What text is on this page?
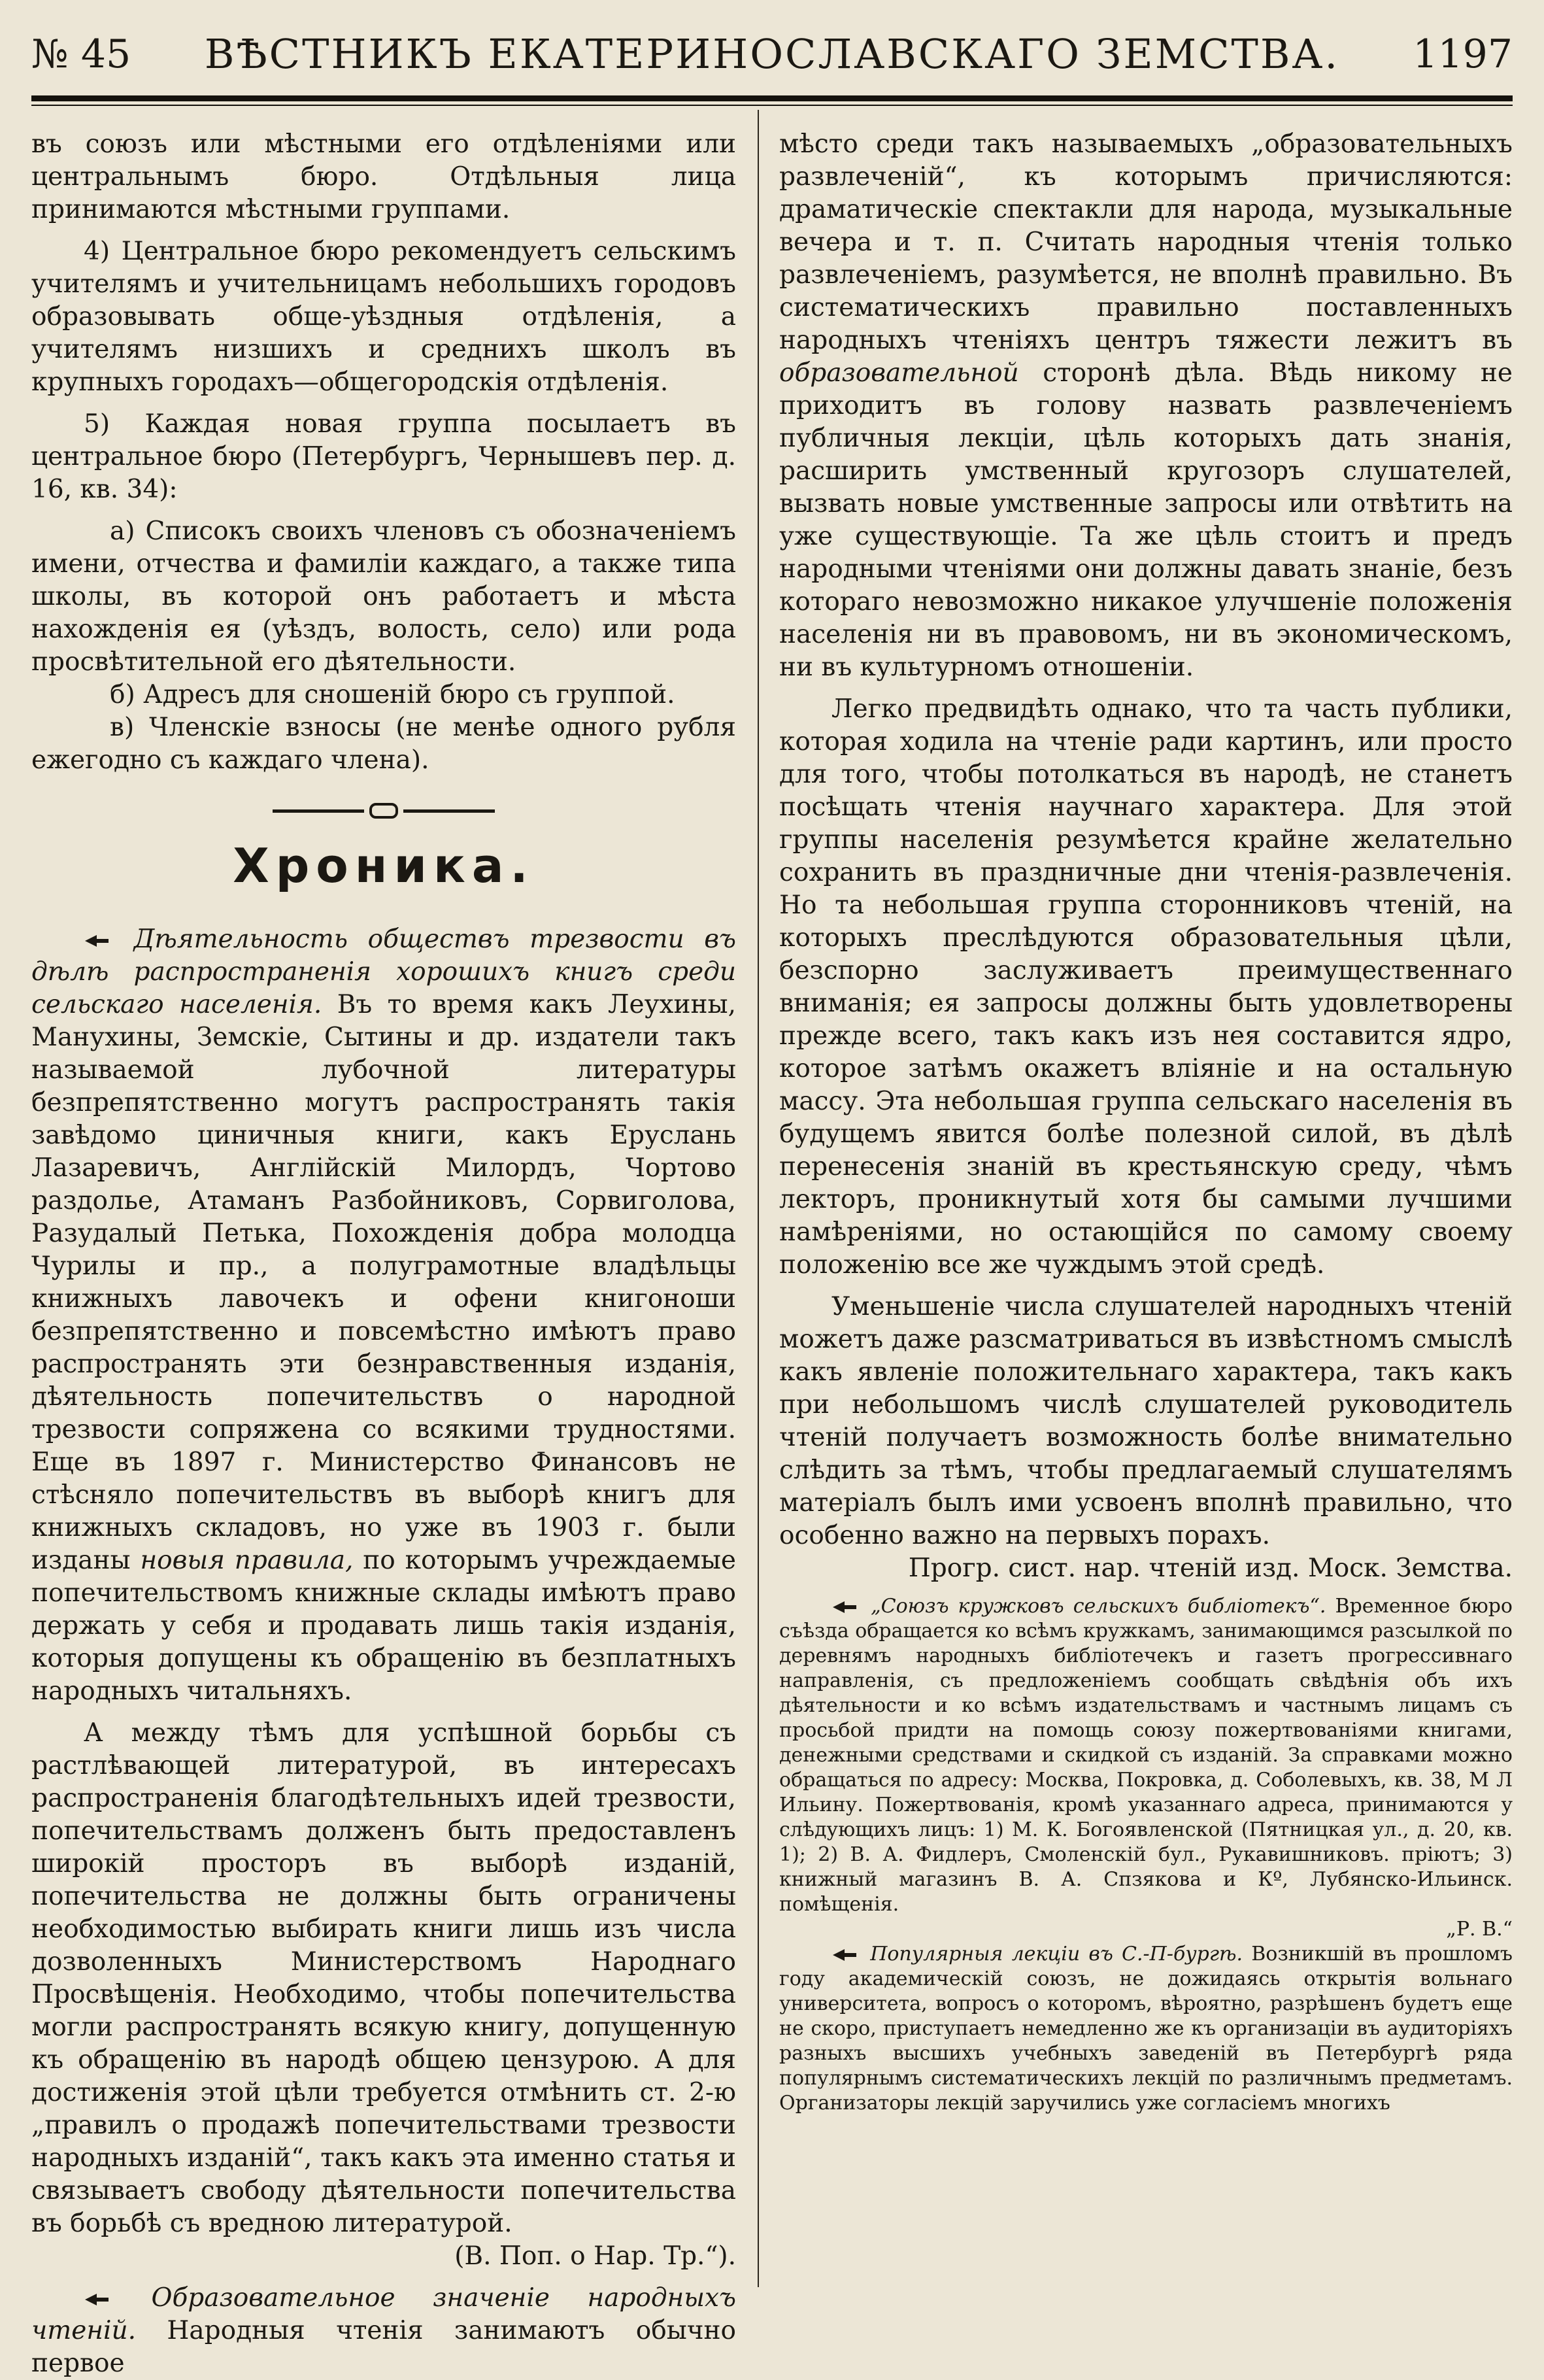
№ 45	ВѢСТНИКЪ ЕКАТЕРИНОСЛАВСКАГО ЗЕМСТВА.	1197

въ союзъ или мѣстными его отдѣленіями или центральнымъ бюро. Отдѣльныя лица принимаются мѣстными группами.

4) Центральное бюро рекомендуетъ сельскимъ учителямъ и учительницамъ небольшихъ городовъ образовывать обще-уѣздныя отдѣленія, а учителямъ низшихъ и среднихъ школъ въ крупныхъ городахъ—общегородскія отдѣленія.

5) Каждая новая группа посылаетъ въ центральное бюро (Петербургъ, Чернышевъ пер. д. 16, кв. 34):

а) Списокъ своихъ членовъ съ обозначеніемъ имени, отчества и фамиліи каждаго, а также типа школы, въ которой онъ работаетъ и мѣста нахожденія ея (уѣздъ, волость, село) или рода просвѣтительной его дѣятельности.

б) Адресъ для сношеній бюро съ группой.

в) Членскіе взносы (не менѣе одного рубля ежегодно съ каждаго члена).

Хроника.

Дѣятельность обществъ трезвости въ дѣлѣ распространенія хорошихъ книгъ среди сельскаго населенія. Въ то время какъ Леухины, Манухины, Земскіе, Сытины и др. издатели такъ называемой лубочной литературы безпрепятственно могутъ распространять такія завѣдомо циничныя книги, какъ Еруслань Лазаревичъ, Англійскій Милордъ, Чортово раздолье, Атаманъ Разбойниковъ, Сорвиголова, Разудалый Петька, Похожденія добра молодца Чурилы и пр., а полуграмотные владѣльцы книжныхъ лавочекъ и офени книгоноши безпрепятственно и повсемѣстно имѣютъ право распространять эти безнравственныя изданія, дѣятельность попечительствъ о народной трезвости сопряжена со всякими трудностями. Еще въ 1897 г. Министерство Финансовъ не стѣсняло попечительствъ въ выборѣ книгъ для книжныхъ складовъ, но уже въ 1903 г. были изданы новыя правила, по которымъ учреждаемые попечительствомъ книжные склады имѣютъ право держать у себя и продавать лишь такія изданія, которыя допущены къ обращенію въ безплатныхъ народныхъ читальняхъ.

А между тѣмъ для успѣшной борьбы съ растлѣвающей литературой, въ интересахъ распространенія благодѣтельныхъ идей трезвости, попечительствамъ долженъ быть предоставленъ широкій просторъ въ выборѣ изданій, попечительства не должны быть ограничены необходимостью выбирать книги лишь изъ числа дозволенныхъ Министерствомъ Народнаго Просвѣщенія. Необходимо, чтобы попечительства могли распространять всякую книгу, допущенную къ обращенію въ народѣ общею цензурою. А для достиженія этой цѣли требуется отмѣнить ст. 2-ю „правилъ о продажѣ попечительствами трезвости народныхъ изданій“, такъ какъ эта именно статья и связываетъ свободу дѣятельности попечительства въ борьбѣ съ вредною литературой.

(В. Поп. о Нар. Тр.“).

Образовательное значеніе народныхъ чтеній. Народныя чтенія занимаютъ обычно первое

мѣсто среди такъ называемыхъ „образовательныхъ развлеченій“, къ которымъ причисляются: драматическіе спектакли для народа, музыкальные вечера и т. п. Считать народныя чтенія только развлеченіемъ, разумѣется, не вполнѣ правильно. Въ систематическихъ правильно поставленныхъ народныхъ чтеніяхъ центръ тяжести лежитъ въ образовательной сторонѣ дѣла. Вѣдь никому не приходитъ въ голову назвать развлеченіемъ публичныя лекціи, цѣль которыхъ дать знанія, расширить умственный кругозоръ слушателей, вызвать новые умственные запросы или отвѣтить на уже существующіе. Та же цѣль стоитъ и предъ народными чтеніями они должны давать знаніе, безъ котораго невозможно никакое улучшеніе положенія населенія ни въ правовомъ, ни въ экономическомъ, ни въ культурномъ отношеніи.

Легко предвидѣть однако, что та часть публики, которая ходила на чтеніе ради картинъ, или просто для того, чтобы потолкаться въ народѣ, не станетъ посѣщать чтенія научнаго характера. Для этой группы населенія резумѣется крайне желательно сохранить въ праздничные дни чтенія-развлеченія. Но та небольшая группа сторонниковъ чтеній, на которыхъ преслѣдуются образовательныя цѣли, безспорно заслуживаетъ преимущественнаго вниманія; ея запросы должны быть удовлетворены прежде всего, такъ какъ изъ нея составится ядро, которое затѣмъ окажетъ вліяніе и на остальную массу. Эта небольшая группа сельскаго населенія въ будущемъ явится болѣе полезной силой, въ дѣлѣ перенесенія знаній въ крестьянскую среду, чѣмъ лекторъ, проникнутый хотя бы самыми лучшими намѣреніями, но остающійся по самому своему положенію все же чуждымъ этой средѣ.

Уменьшеніе числа слушателей народныхъ чтеній можетъ даже разсматриваться въ извѣстномъ смыслѣ какъ явленіе положительнаго характера, такъ какъ при небольшомъ числѣ слушателей руководитель чтеній получаетъ возможность болѣе внимательно слѣдить за тѣмъ, чтобы предлагаемый слушателямъ матеріалъ былъ ими усвоенъ вполнѣ правильно, что особенно важно на первыхъ порахъ.

Прогр. сист. нар. чтеній изд. Моск. Земства.

„Союзъ кружковъ сельскихъ библіотекъ“. Временное бюро съѣзда обращается ко всѣмъ кружкамъ, занимающимся разсылкой по деревнямъ народныхъ библіотечекъ и газетъ прогрессивнаго направленія, съ предложеніемъ сообщать свѣдѣнія объ ихъ дѣятельности и ко всѣмъ издательствамъ и частнымъ лицамъ съ просьбой придти на помощь союзу пожертвованіями книгами, денежными средствами и скидкой съ изданій. За справками можно обращаться по адресу: Москва, Покровка, д. Соболевыхъ, кв. 38, М Л Ильину. Пожертвованія, кромѣ указаннаго адреса, принимаются у слѣдующихъ лицъ: 1) М. К. Богоявленской (Пятницкая ул., д. 20, кв. 1); 2) В. А. Фидлеръ, Смоленскій бул., Рукавишниковъ. пріютъ; 3) книжный магазинъ В. А. Спзякова и Кº, Лубянско-Ильинск. помѣщенія.

„Р. В.“

Популярныя лекціи въ С.-П-бургѣ. Возникшій въ прошломъ году академическій союзъ, не дожидаясь открытія вольнаго университета, вопросъ о которомъ, вѣроятно, разрѣшенъ будетъ еще не скоро, приступаетъ немедленно же къ организаціи въ аудиторіяхъ разныхъ высшихъ учебныхъ заведеній въ Петербургѣ ряда популярнымъ систематическихъ лекцій по различнымъ предметамъ. Организаторы лекцій заручились уже согласіемъ многихъ
